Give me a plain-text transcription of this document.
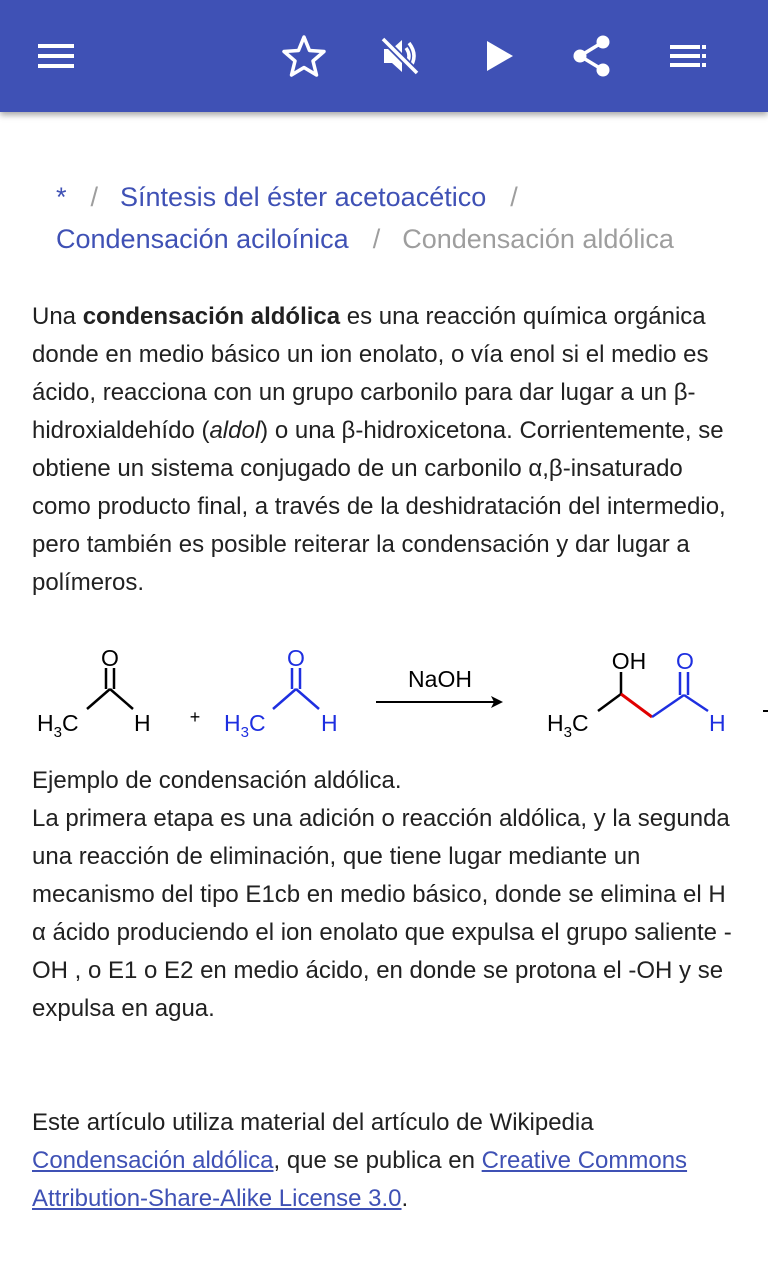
* / Síntesis del éster acetoacético /
Condensación aciloínica / Condensación aldólica

Una condensación aldólica es una reacción química orgánica donde en medio básico un ion enolato, o vía enol si el medio es ácido, reacciona con un grupo carbonilo para dar lugar a un β-hidroxialdehído (aldol) o una β-hidroxicetona. Corrientemente, se obtiene un sistema conjugado de un carbonilo α,β-insaturado como producto final, a través de la deshidratación del intermedio, pero también es posible reiterar la condensación y dar lugar a polímeros.

O
$H_3C$ H +
O
$H_3C$ H
NaOH
OH O
$H_3C$	H

Ejemplo de condensación aldólica.

La primera etapa es una adición o reacción aldólica, y la segunda una reacción de eliminación, que tiene lugar mediante un mecanismo del tipo E1cb en medio básico, donde se elimina el H α ácido produciendo el ion enolato que expulsa el grupo saliente -OH , o E1 o E2 en medio ácido, en donde se protona el -OH y se expulsa en agua.

Este artículo utiliza material del artículo de Wikipedia Condensación aldólica, que se publica en Creative Commons Attribution-Share-Alike License 3.0.
